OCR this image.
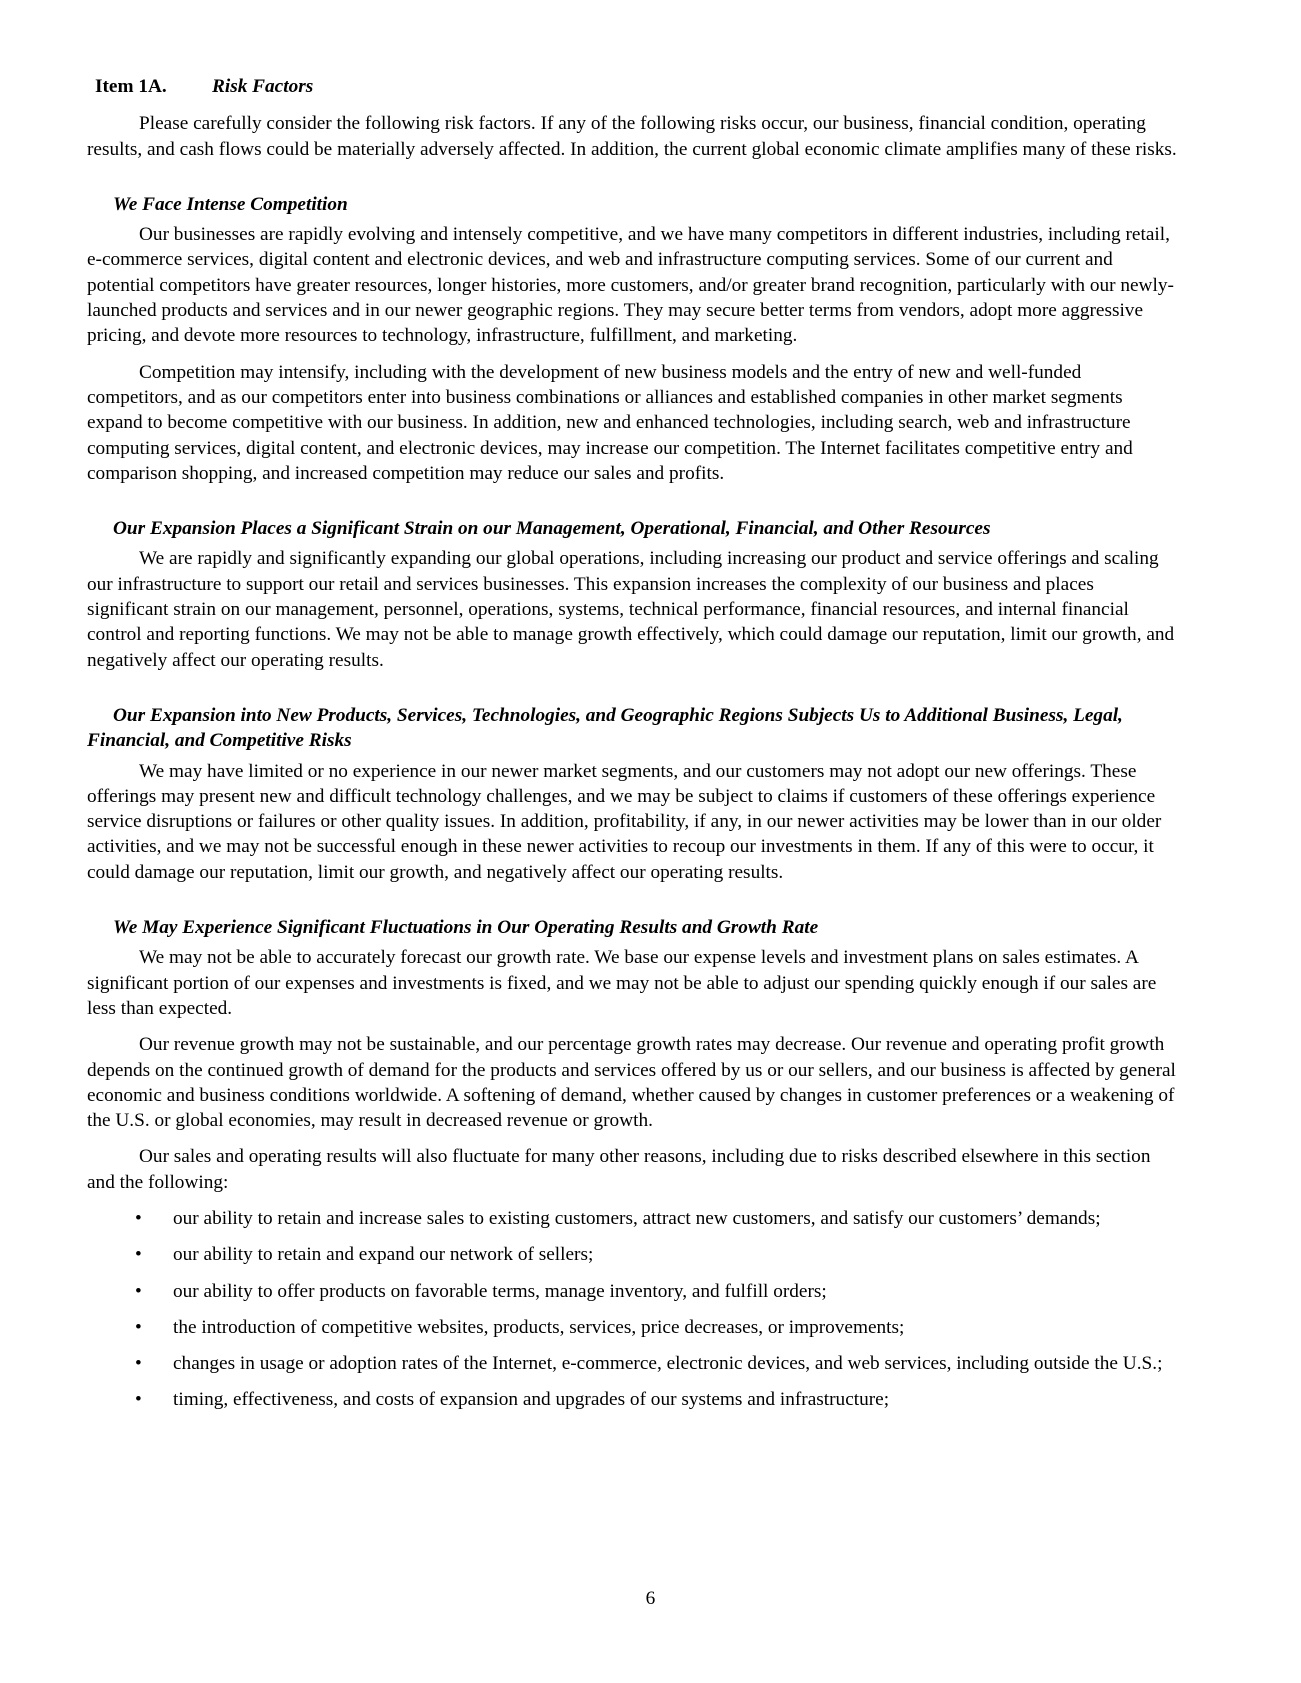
Item 1A. Risk Factors

Please carefully consider the following risk factors. If any of the following risks occur, our business, financial condition, operating results, and cash flows could be materially adversely affected. In addition, the current global economic climate amplifies many of these risks.

We Face Intense Competition

Our businesses are rapidly evolving and intensely competitive, and we have many competitors in different industries, including retail, e-commerce services, digital content and electronic devices, and web and infrastructure computing services. Some of our current and potential competitors have greater resources, longer histories, more customers, and/or greater brand recognition, particularly with our newly-launched products and services and in our newer geographic regions. They may secure better terms from vendors, adopt more aggressive pricing, and devote more resources to technology, infrastructure, fulfillment, and marketing.

Competition may intensify, including with the development of new business models and the entry of new and well-funded competitors, and as our competitors enter into business combinations or alliances and established companies in other market segments expand to become competitive with our business. In addition, new and enhanced technologies, including search, web and infrastructure computing services, digital content, and electronic devices, may increase our competition. The Internet facilitates competitive entry and comparison shopping, and increased competition may reduce our sales and profits.

Our Expansion Places a Significant Strain on our Management, Operational, Financial, and Other Resources

We are rapidly and significantly expanding our global operations, including increasing our product and service offerings and scaling our infrastructure to support our retail and services businesses. This expansion increases the complexity of our business and places significant strain on our management, personnel, operations, systems, technical performance, financial resources, and internal financial control and reporting functions. We may not be able to manage growth effectively, which could damage our reputation, limit our growth, and negatively affect our operating results.

Our Expansion into New Products, Services, Technologies, and Geographic Regions Subjects Us to Additional Business, Legal, Financial, and Competitive Risks

We may have limited or no experience in our newer market segments, and our customers may not adopt our new offerings. These offerings may present new and difficult technology challenges, and we may be subject to claims if customers of these offerings experience service disruptions or failures or other quality issues. In addition, profitability, if any, in our newer activities may be lower than in our older activities, and we may not be successful enough in these newer activities to recoup our investments in them. If any of this were to occur, it could damage our reputation, limit our growth, and negatively affect our operating results.

We May Experience Significant Fluctuations in Our Operating Results and Growth Rate

We may not be able to accurately forecast our growth rate. We base our expense levels and investment plans on sales estimates. A significant portion of our expenses and investments is fixed, and we may not be able to adjust our spending quickly enough if our sales are less than expected.

Our revenue growth may not be sustainable, and our percentage growth rates may decrease. Our revenue and operating profit growth depends on the continued growth of demand for the products and services offered by us or our sellers, and our business is affected by general economic and business conditions worldwide. A softening of demand, whether caused by changes in customer preferences or a weakening of the U.S. or global economies, may result in decreased revenue or growth.

Our sales and operating results will also fluctuate for many other reasons, including due to risks described elsewhere in this section and the following:

• our ability to retain and increase sales to existing customers, attract new customers, and satisfy our customers’ demands;
• our ability to retain and expand our network of sellers;
• our ability to offer products on favorable terms, manage inventory, and fulfill orders;
• the introduction of competitive websites, products, services, price decreases, or improvements;
• changes in usage or adoption rates of the Internet, e-commerce, electronic devices, and web services, including outside the U.S.;
• timing, effectiveness, and costs of expansion and upgrades of our systems and infrastructure;
6
